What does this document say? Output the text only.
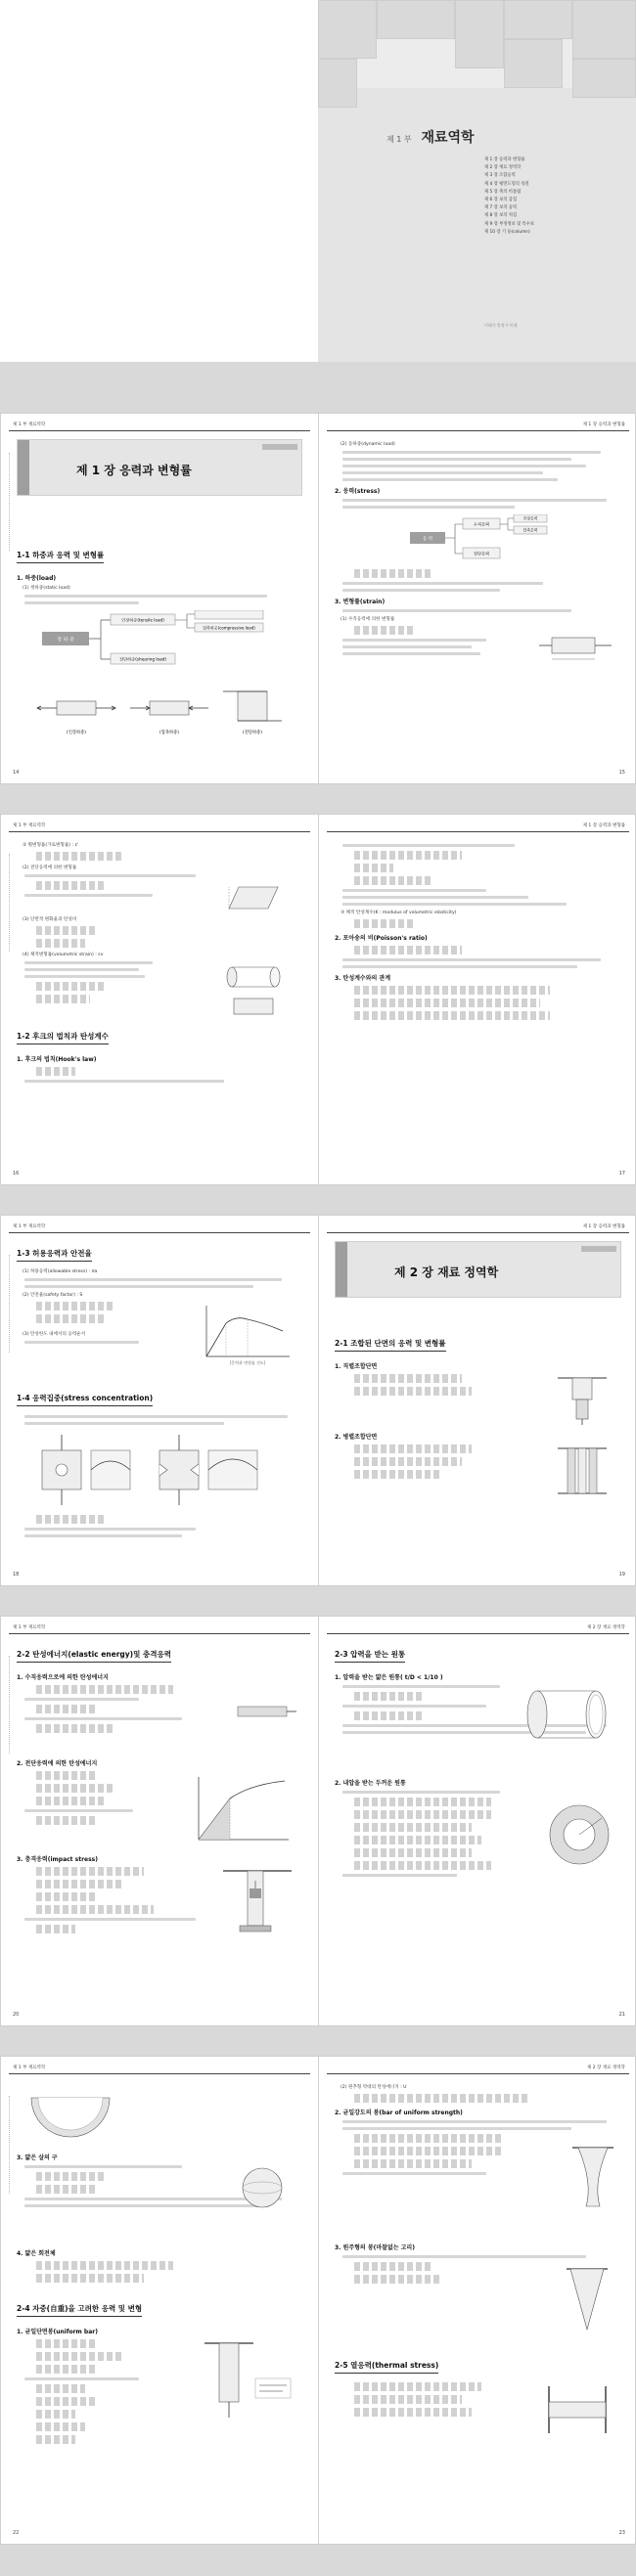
제 1 부 재료역학
제 1 장 응력과 변형률
제 2 장 재료 정역학
제 3 장 조합응력
제 4 장 평면도형의 성질
제 5 장 축의 비틀림
제 6 장 보의 굽힘
제 7 장 보의 응력
제 8 장 보의 처짐
제 9 장 부정정보 및 특수보
제 10 장 기 둥(column)
미래가 발명가 미래
제 1 부 재료역학
제 1 장 응력과 변형률
1-1 하중과 응력 및 변형률
1. 하중(load)
(1) 정하중(static load)
정 하 중
인장하중(tensile load)
압축하중(compressive load)
전단하중(shearing load)
(인장하중)	(압축하중)	(전단하중)
14
제 1 장 응력과 변형률
(2) 동하중(dynamic load)
2. 응력(stress)
응 력
수직응력
전단응력
인장응력
압축응력
3. 변형률(strain)
(1) 수직응력에 의한 변형률
15
제 1 부 재료역학
② 횡변형률(가로변형률) : ε'
(2) 전단응력에 의한 변형률
(3) 단면적 변화율과 탄성비
(4) 체적변형률(volumetric strain) : εv
1-2 후크의 법칙과 탄성계수
1. 후크의 법칙(Hook's law)
16
제 1 장 응력과 변형률
③ 체적 탄성계수(K : modulus of volumetric elasticity)
2. 포아송의 비(Poisson's ratio)
3. 탄성계수와의 관계
17
제 1 부 재료역학
1-3 허용응력과 안전율
(1) 허용응력(allowable stress) : σa
(2) 안전율(safety factor) : S
(3) 탄성한도 내에서의 응력순서
[응력과 변형률 선도]
1-4 응력집중(stress concentration)
18
제 1 장 응력과 변형률
제 2 장 재료 정역학
2-1 조합된 단면의 응력 및 변형률
1. 직렬조합단면
2. 병렬조합단면
19
제 1 부 재료역학
2-2 탄성에너지(elastic energy)및 충격응력
1. 수직응력으로에 의한 탄성에너지
2. 전단응력에 의한 탄성에너지
3. 충격응력(impact stress)
20
제 2 장 재료 정역학
2-3 압력을 받는 원통
1. 압력을 받는 얇은 원통( t/D < 1/10 )
2. 내압을 받는 두꺼운 원통
21
제 1 부 재료역학
3. 얇은 살의 구
4. 얇은 회전체
2-4 자중(自重)을 고려한 응력 및 변형
1. 균일단면봉(uniform bar)
22
제 2 장 재료 정역학
(2) 원추형 막대의 탄성에너지 : U
2. 균일강도의 봉(bar of uniform strength)
3. 원주형의 봉(마찰없는 고리)
2-5 열응력(thermal stress)
23
